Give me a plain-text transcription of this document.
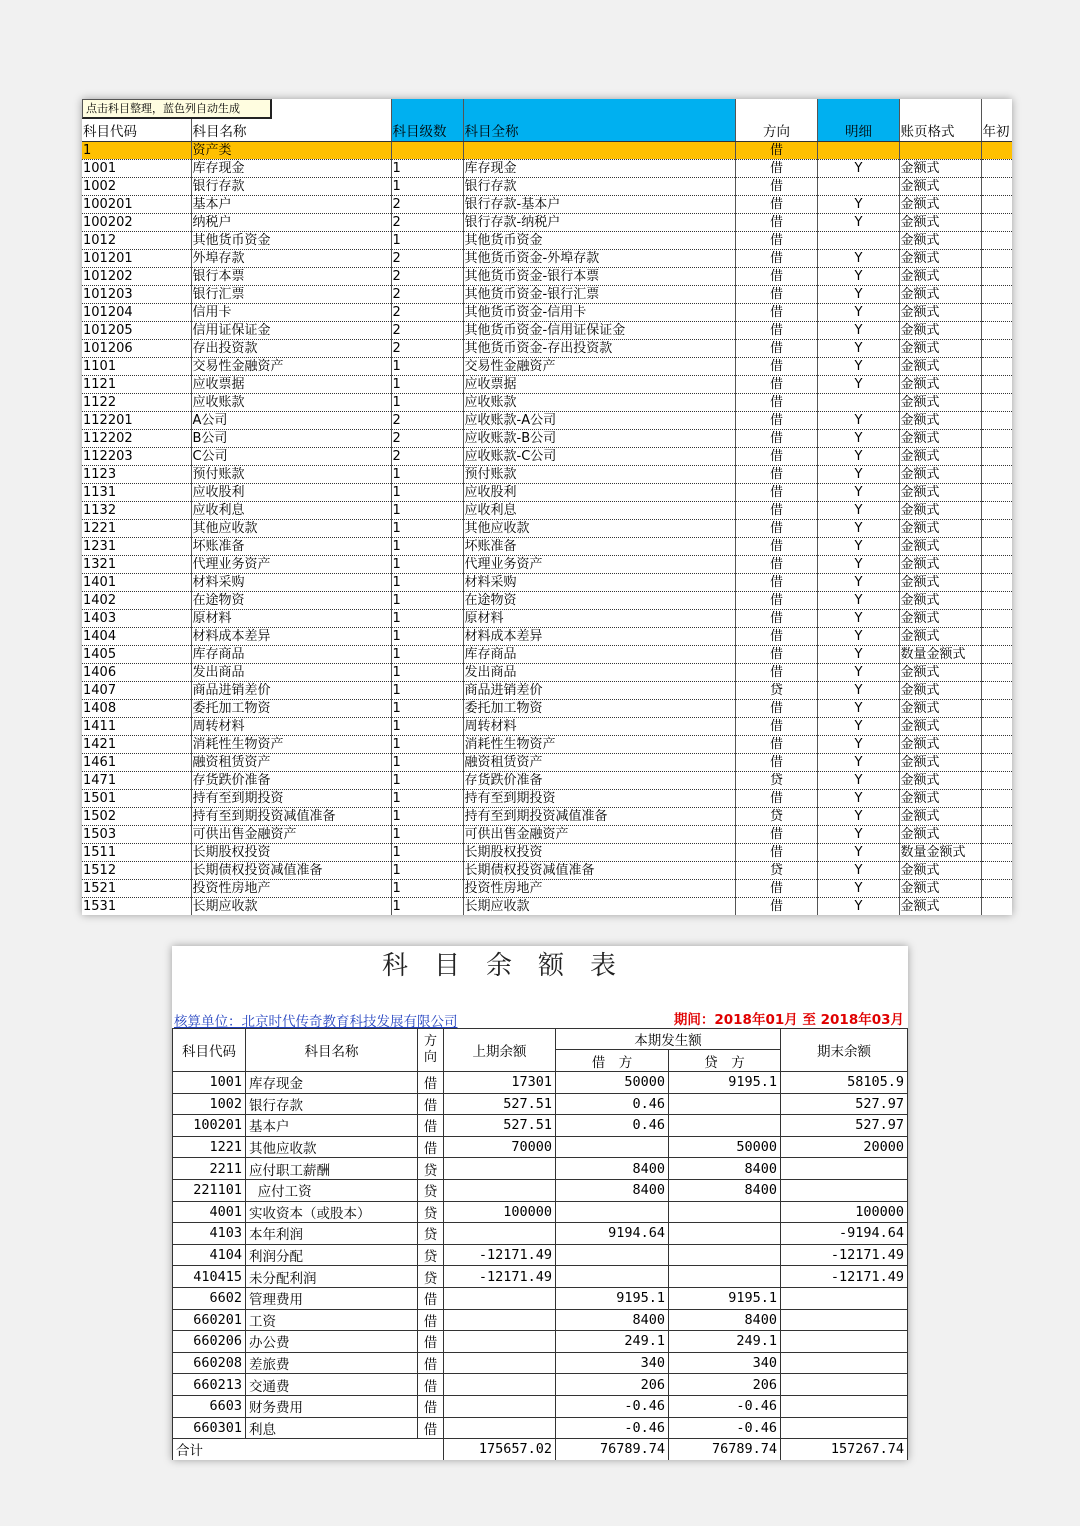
点击科目整理，蓝色列自动生成
科目代码	科目名称	科目级数	科目全称	方向	明细	账页格式	年初
1	资产类			借			
1001	库存现金	1	库存现金	借	Y	金额式	
1002	银行存款	1	银行存款	借		金额式	
100201	基本户	2	银行存款-基本户	借	Y	金额式	
100202	纳税户	2	银行存款-纳税户	借	Y	金额式	
1012	其他货币资金	1	其他货币资金	借		金额式	
101201	外埠存款	2	其他货币资金-外埠存款	借	Y	金额式	
101202	银行本票	2	其他货币资金-银行本票	借	Y	金额式	
101203	银行汇票	2	其他货币资金-银行汇票	借	Y	金额式	
101204	信用卡	2	其他货币资金-信用卡	借	Y	金额式	
101205	信用证保证金	2	其他货币资金-信用证保证金	借	Y	金额式	
101206	存出投资款	2	其他货币资金-存出投资款	借	Y	金额式	
1101	交易性金融资产	1	交易性金融资产	借	Y	金额式	
1121	应收票据	1	应收票据	借	Y	金额式	
1122	应收账款	1	应收账款	借		金额式	
112201	A公司	2	应收账款-A公司	借	Y	金额式	
112202	B公司	2	应收账款-B公司	借	Y	金额式	
112203	C公司	2	应收账款-C公司	借	Y	金额式	
1123	预付账款	1	预付账款	借	Y	金额式	
1131	应收股利	1	应收股利	借	Y	金额式	
1132	应收利息	1	应收利息	借	Y	金额式	
1221	其他应收款	1	其他应收款	借	Y	金额式	
1231	坏账准备	1	坏账准备	借	Y	金额式	
1321	代理业务资产	1	代理业务资产	借	Y	金额式	
1401	材料采购	1	材料采购	借	Y	金额式	
1402	在途物资	1	在途物资	借	Y	金额式	
1403	原材料	1	原材料	借	Y	金额式	
1404	材料成本差异	1	材料成本差异	借	Y	金额式	
1405	库存商品	1	库存商品	借	Y	数量金额式	
1406	发出商品	1	发出商品	借	Y	金额式	
1407	商品进销差价	1	商品进销差价	贷	Y	金额式	
1408	委托加工物资	1	委托加工物资	借	Y	金额式	
1411	周转材料	1	周转材料	借	Y	金额式	
1421	消耗性生物资产	1	消耗性生物资产	借	Y	金额式	
1461	融资租赁资产	1	融资租赁资产	借	Y	金额式	
1471	存货跌价准备	1	存货跌价准备	贷	Y	金额式	
1501	持有至到期投资	1	持有至到期投资	借	Y	金额式	
1502	持有至到期投资减值准备	1	持有至到期投资减值准备	贷	Y	金额式	
1503	可供出售金融资产	1	可供出售金融资产	借	Y	金额式	
1511	长期股权投资	1	长期股权投资	借	Y	数量金额式	
1512	长期债权投资减值准备	1	长期债权投资减值准备	贷	Y	金额式	
1521	投资性房地产	1	投资性房地产	借	Y	金额式	
1531	长期应收款	1	长期应收款	借	Y	金额式	
科目余额表
核算单位：北京时代传奇教育科技发展有限公司	期间：2018年01月 至 2018年03月
科目代码	科目名称	方向	上期余额	本期发生额		期末余额
				借　方	贷　方	
1001	库存现金	借	17301	50000	9195.1	58105.9
1002	银行存款	借	527.51	0.46		527.97
100201	基本户	借	527.51	0.46		527.97
1221	其他应收款	借	70000		50000	20000
2211	应付职工薪酬	贷		8400	8400	
221101	应付工资	贷		8400	8400	
4001	实收资本（或股本）	贷	100000			100000
4103	本年利润	贷		9194.64		-9194.64
4104	利润分配	贷	-12171.49			-12171.49
410415	未分配利润	贷	-12171.49			-12171.49
6602	管理费用	借		9195.1	9195.1	
660201	工资	借		8400	8400	
660206	办公费	借		249.1	249.1	
660208	差旅费	借		340	340	
660213	交通费	借		206	206	
6603	财务费用	借		-0.46	-0.46	
660301	利息	借		-0.46	-0.46	
合计			175657.02	76789.74	76789.74	157267.74
